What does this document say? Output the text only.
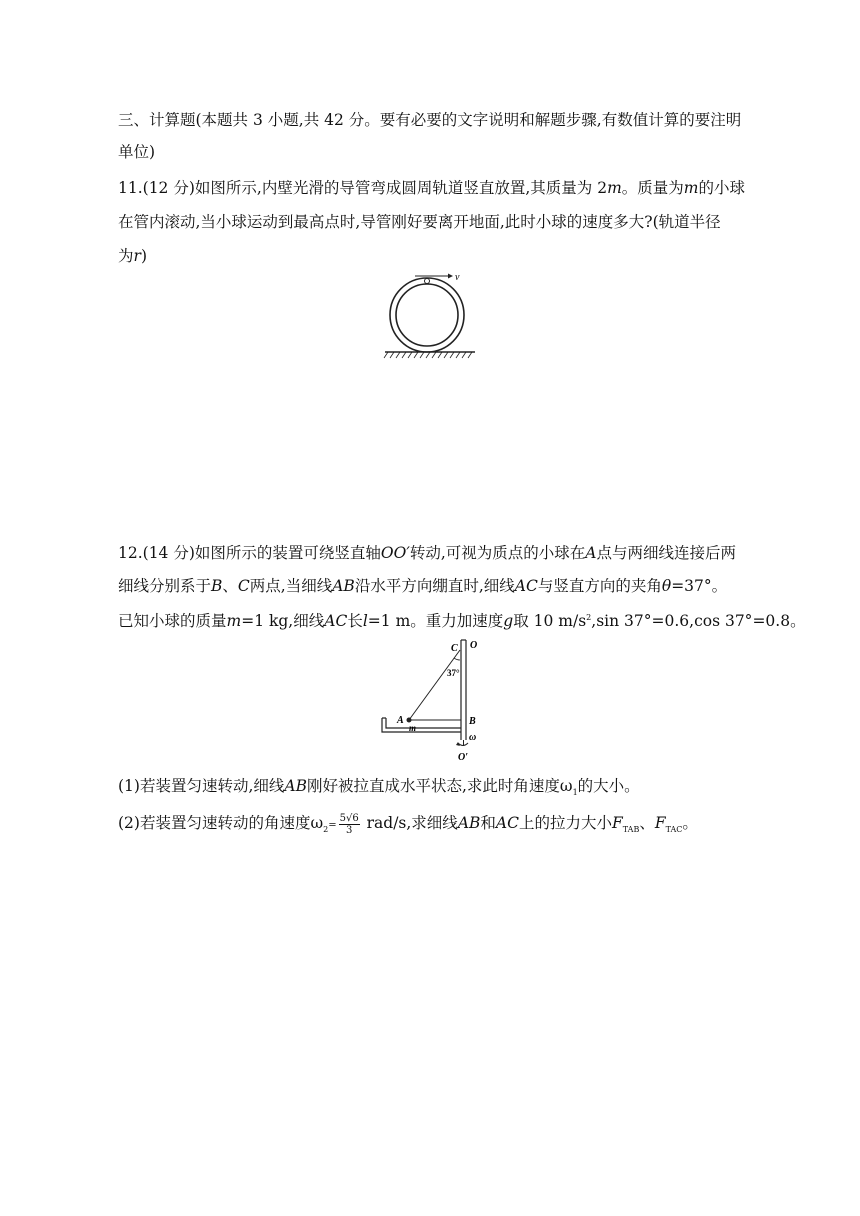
三、计算题(本题共 3 小题,共 42 分。要有必要的文字说明和解题步骤,有数值计算的要注明
单位)
11.(12 分)如图所示,内壁光滑的导管弯成圆周轨道竖直放置,其质量为 2m。质量为m的小球
在管内滚动,当小球运动到最高点时,导管刚好要离开地面,此时小球的速度多大?(轨道半径
为r)
v
12.(14 分)如图所示的装置可绕竖直轴OO′转动,可视为质点的小球在A点与两细线连接后两
细线分别系于B、C两点,当细线AB沿水平方向绷直时,细线AC与竖直方向的夹角θ=37°。
已知小球的质量m=1 kg,细线AC长l=1 m。重力加速度g取 10 $m/s^2,\sin$ 37°=0.6,cos 37°=0.8。
C O
37°
A
m
B
ω
O′
(1)若装置匀速转动,细线AB刚好被拉直成水平状态,求此时角速度$\omega_1$的大小。
(2)若装置匀速转动的角速度$\omega_2= \frac{5√6}{3} rad/s$,求细线AB和AC上的拉力大小$F_{TAB}$、$F_{TAC}$。
